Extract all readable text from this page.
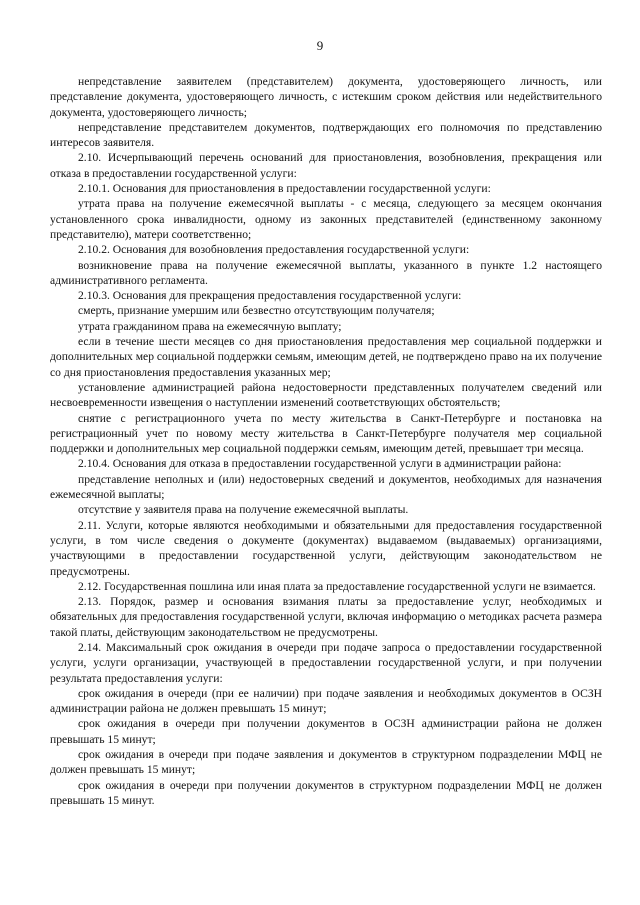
9

непредставление заявителем (представителем) документа, удостоверяющего личность, или представление документа, удостоверяющего личность, с истекшим сроком действия или недействительного документа, удостоверяющего личность;

непредставление представителем документов, подтверждающих его полномочия по представлению интересов заявителя.

2.10. Исчерпывающий перечень оснований для приостановления, возобновления, прекращения или отказа в предоставлении государственной услуги:

2.10.1. Основания для приостановления в предоставлении государственной услуги:

утрата права на получение ежемесячной выплаты - с месяца, следующего за месяцем окончания установленного срока инвалидности, одному из законных представителей (единственному законному представителю), матери соответственно;

2.10.2. Основания для возобновления предоставления государственной услуги:

возникновение права на получение ежемесячной выплаты, указанного в пункте 1.2 настоящего административного регламента.

2.10.3. Основания для прекращения предоставления государственной услуги:

смерть, признание умершим или безвестно отсутствующим получателя;

утрата гражданином права на ежемесячную выплату;

если в течение шести месяцев со дня приостановления предоставления мер социальной поддержки и дополнительных мер социальной поддержки семьям, имеющим детей, не подтверждено право на их получение со дня приостановления предоставления указанных мер;

установление администрацией района недостоверности представленных получателем сведений или несвоевременности извещения о наступлении изменений соответствующих обстоятельств;

снятие с регистрационного учета по месту жительства в Санкт-Петербурге и постановка на регистрационный учет по новому месту жительства в Санкт-Петербурге получателя мер социальной поддержки и дополнительных мер социальной поддержки семьям, имеющим детей, превышает три месяца.

2.10.4. Основания для отказа в предоставлении государственной услуги в администрации района:

представление неполных и (или) недостоверных сведений и документов, необходимых для назначения ежемесячной выплаты;

отсутствие у заявителя права на получение ежемесячной выплаты.

2.11. Услуги, которые являются необходимыми и обязательными для предоставления государственной услуги, в том числе сведения о документе (документах) выдаваемом (выдаваемых) организациями, участвующими в предоставлении государственной услуги, действующим законодательством не предусмотрены.

2.12. Государственная пошлина или иная плата за предоставление государственной услуги не взимается.

2.13. Порядок, размер и основания взимания платы за предоставление услуг, необходимых и обязательных для предоставления государственной услуги, включая информацию о методиках расчета размера такой платы, действующим законодательством не предусмотрены.

2.14. Максимальный срок ожидания в очереди при подаче запроса о предоставлении государственной услуги, услуги организации, участвующей в предоставлении государственной услуги, и при получении результата предоставления услуги:

срок ожидания в очереди (при ее наличии) при подаче заявления и необходимых документов в ОСЗН администрации района не должен превышать 15 минут;

срок ожидания в очереди при получении документов в ОСЗН администрации района не должен превышать 15 минут;

срок ожидания в очереди при подаче заявления и документов в структурном подразделении МФЦ не должен превышать 15 минут;

срок ожидания в очереди при получении документов в структурном подразделении МФЦ не должен превышать 15 минут.
